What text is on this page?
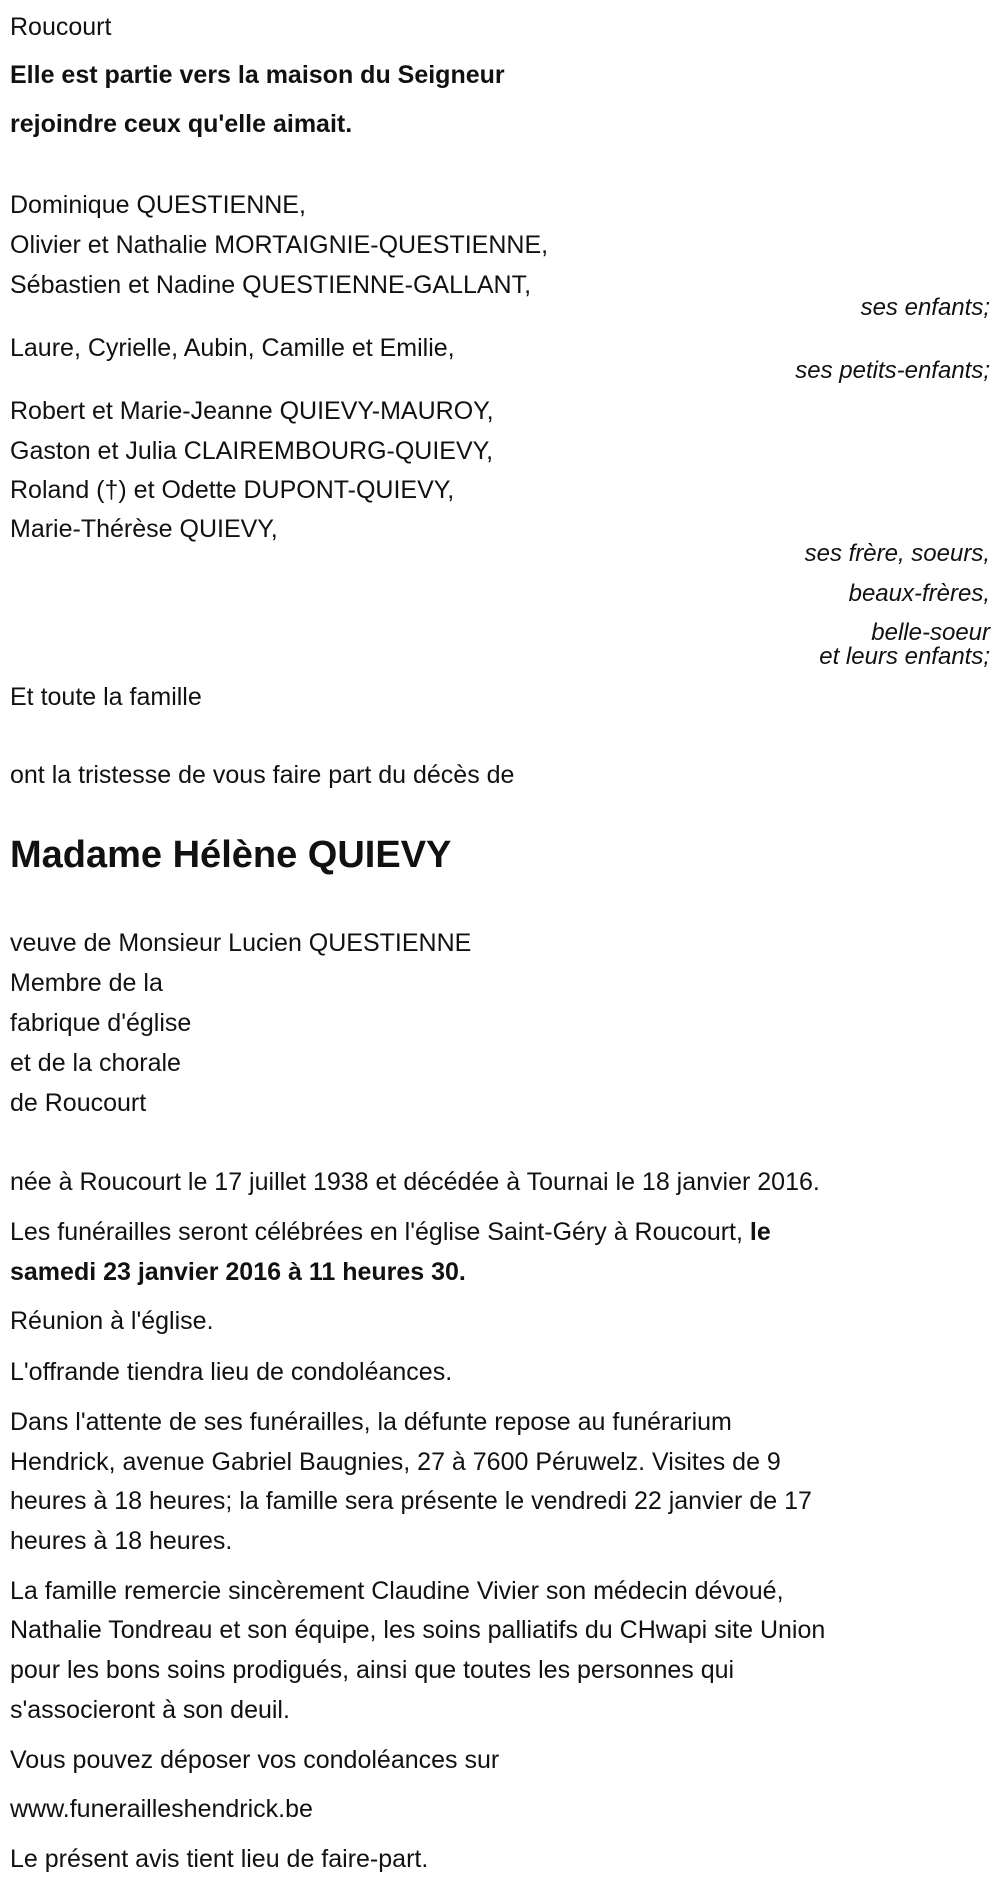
Roucourt
Elle est partie vers la maison du Seigneur
rejoindre ceux qu'elle aimait.
Dominique QUESTIENNE,
Olivier et Nathalie MORTAIGNIE-QUESTIENNE,
Sébastien et Nadine QUESTIENNE-GALLANT,
ses enfants;
Laure, Cyrielle, Aubin, Camille et Emilie,
ses petits-enfants;
Robert et Marie-Jeanne QUIEVY-MAUROY,
Gaston et Julia CLAIREMBOURG-QUIEVY,
Roland (†) et Odette DUPONT-QUIEVY,
Marie-Thérèse QUIEVY,
ses frère, soeurs,
beaux-frères,
belle-soeur
et leurs enfants;
Et toute la famille
ont la tristesse de vous faire part du décès de
Madame Hélène QUIEVY
veuve de Monsieur Lucien QUESTIENNE
Membre de la
fabrique d'église
et de la chorale
de Roucourt
née à Roucourt le 17 juillet 1938 et décédée à Tournai le 18 janvier 2016.
Les funérailles seront célébrées en l'église Saint-Géry à Roucourt, le
samedi 23 janvier 2016 à 11 heures 30.
Réunion à l'église.
L'offrande tiendra lieu de condoléances.
Dans l'attente de ses funérailles, la défunte repose au funérarium
Hendrick, avenue Gabriel Baugnies, 27 à 7600 Péruwelz. Visites de 9
heures à 18 heures; la famille sera présente le vendredi 22 janvier de 17
heures à 18 heures.
La famille remercie sincèrement Claudine Vivier son médecin dévoué,
Nathalie Tondreau et son équipe, les soins palliatifs du CHwapi site Union
pour les bons soins prodigués, ainsi que toutes les personnes qui
s'associeront à son deuil.
Vous pouvez déposer vos condoléances sur
www.funerailleshendrick.be
Le présent avis tient lieu de faire-part.
